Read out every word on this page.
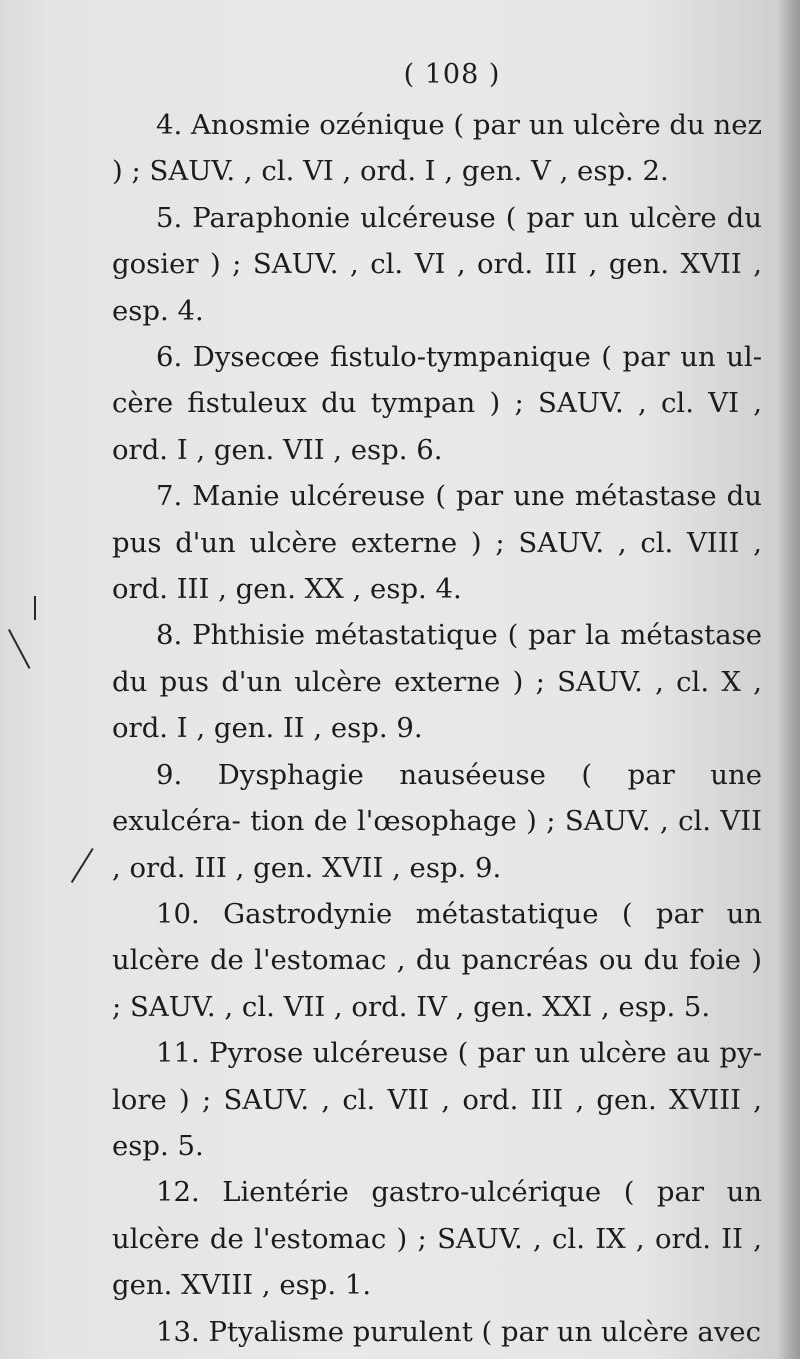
( 108 )

4. Anosmie ozénique ( par un ulcère du nez ) ; SAUV. , cl. VI , ord. I , gen. V , esp. 2.

5. Paraphonie ulcéreuse ( par un ulcère du gosier ) ; SAUV. , cl. VI , ord. III , gen. XVII , esp. 4.

6. Dysecœe fistulo-tympanique ( par un ul- cère fistuleux du tympan ) ; SAUV. , cl. VI , ord. I , gen. VII , esp. 6.

7. Manie ulcéreuse ( par une métastase du pus d'un ulcère externe ) ; SAUV. , cl. VIII , ord. III , gen. XX , esp. 4.

8. Phthisie métastatique ( par la métastase du pus d'un ulcère externe ) ; SAUV. , cl. X , ord. I , gen. II , esp. 9.

9. Dysphagie nauséeuse ( par une exulcéra- tion de l'œsophage ) ; SAUV. , cl. VII , ord. III , gen. XVII , esp. 9.

10. Gastrodynie métastatique ( par un ulcère de l'estomac , du pancréas ou du foie ) ; SAUV. , cl. VII , ord. IV , gen. XXI , esp. 5.

11. Pyrose ulcéreuse ( par un ulcère au py- lore ) ; SAUV. , cl. VII , ord. III , gen. XVIII , esp. 5.

12. Lientérie gastro-ulcérique ( par un ulcère de l'estomac ) ; SAUV. , cl. IX , ord. II , gen. XVIII , esp. 1.

13. Ptyalisme purulent ( par un ulcère avec
